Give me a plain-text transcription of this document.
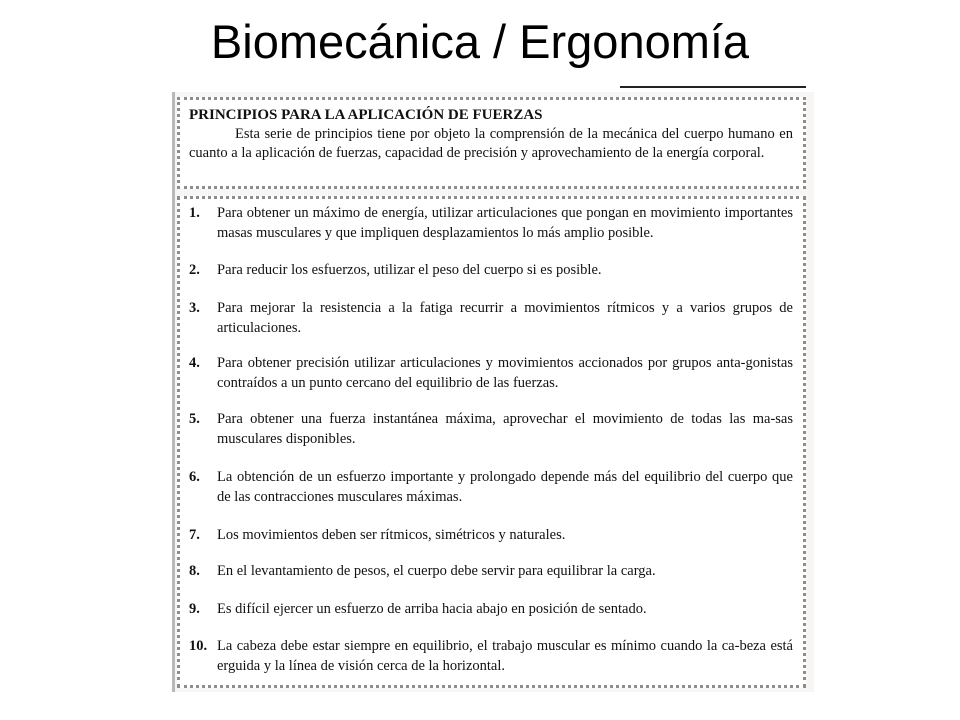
Biomecánica / Ergonomía

PRINCIPIOS PARA LA APLICACIÓN DE FUERZAS

Esta serie de principios tiene por objeto la comprensión de la mecánica del cuerpo humano en cuanto a la aplicación de fuerzas, capacidad de precisión y aprovechamiento de la energía corporal.

1.	Para obtener un máximo de energía, utilizar articulaciones que pongan en movimiento importantes masas musculares y que impliquen desplazamientos lo más amplio posible.
2.	Para reducir los esfuerzos, utilizar el peso del cuerpo si es posible.
3.	Para mejorar la resistencia a la fatiga recurrir a movimientos rítmicos y a varios grupos de articulaciones.
4.	Para obtener precisión utilizar articulaciones y movimientos accionados por grupos anta-gonistas contraídos a un punto cercano del equilibrio de las fuerzas.
5.	Para obtener una fuerza instantánea máxima, aprovechar el movimiento de todas las ma-sas musculares disponibles.
6.	La obtención de un esfuerzo importante y prolongado depende más del equilibrio del cuerpo que de las contracciones musculares máximas.
7.	Los movimientos deben ser rítmicos, simétricos y naturales.
8.	En el levantamiento de pesos, el cuerpo debe servir para equilibrar la carga.
9.	Es difícil ejercer un esfuerzo de arriba hacia abajo en posición de sentado.
10. La cabeza debe estar siempre en equilibrio, el trabajo muscular es mínimo cuando la ca-beza está erguida y la línea de visión cerca de la horizontal.
